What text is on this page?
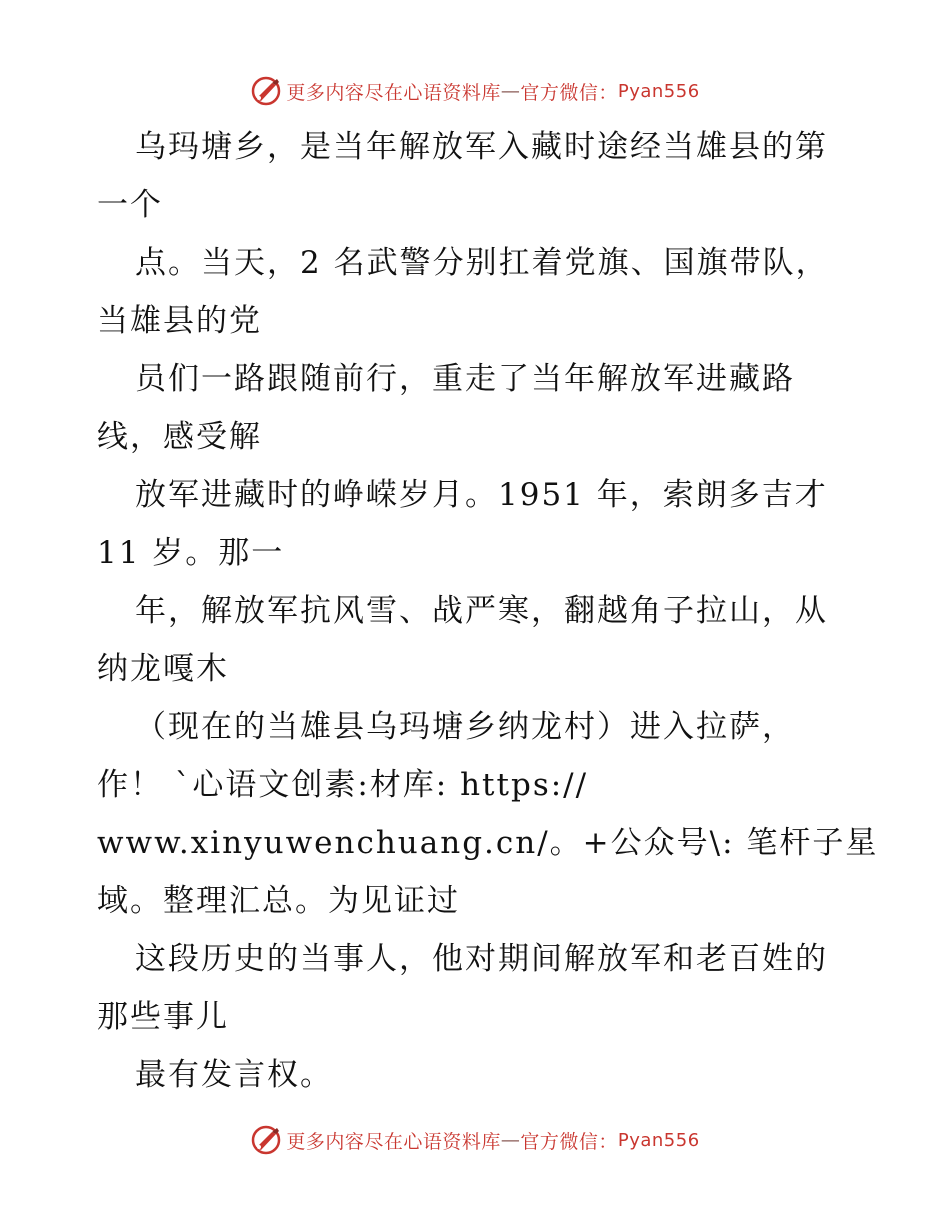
更多内容尽在心语资料库 — 官方微信： Pyan556
乌玛塘乡，是当年解放军入藏时途经当雄县的第
一个
点。当天，2 名武警分别扛着党旗、国旗带队，
当雄县的党
员们一路跟随前行，重走了当年解放军进藏路
线，感受解
放军进藏时的峥嵘岁月。1951 年，索朗多吉才
11 岁。那一
年，解放军抗风雪、战严寒，翻越角子拉山，从
纳龙嘎木
（现在的当雄县乌玛塘乡纳龙村）进入拉萨，
作！ `心语文创素:材库: https://
www.xinyuwenchuang.cn/。+公众号\: 笔杆子星
域。整理汇总。为见证过
这段历史的当事人，他对期间解放军和老百姓的
那些事儿
最有发言权。
更多内容尽在心语资料库 — 官方微信： Pyan556
